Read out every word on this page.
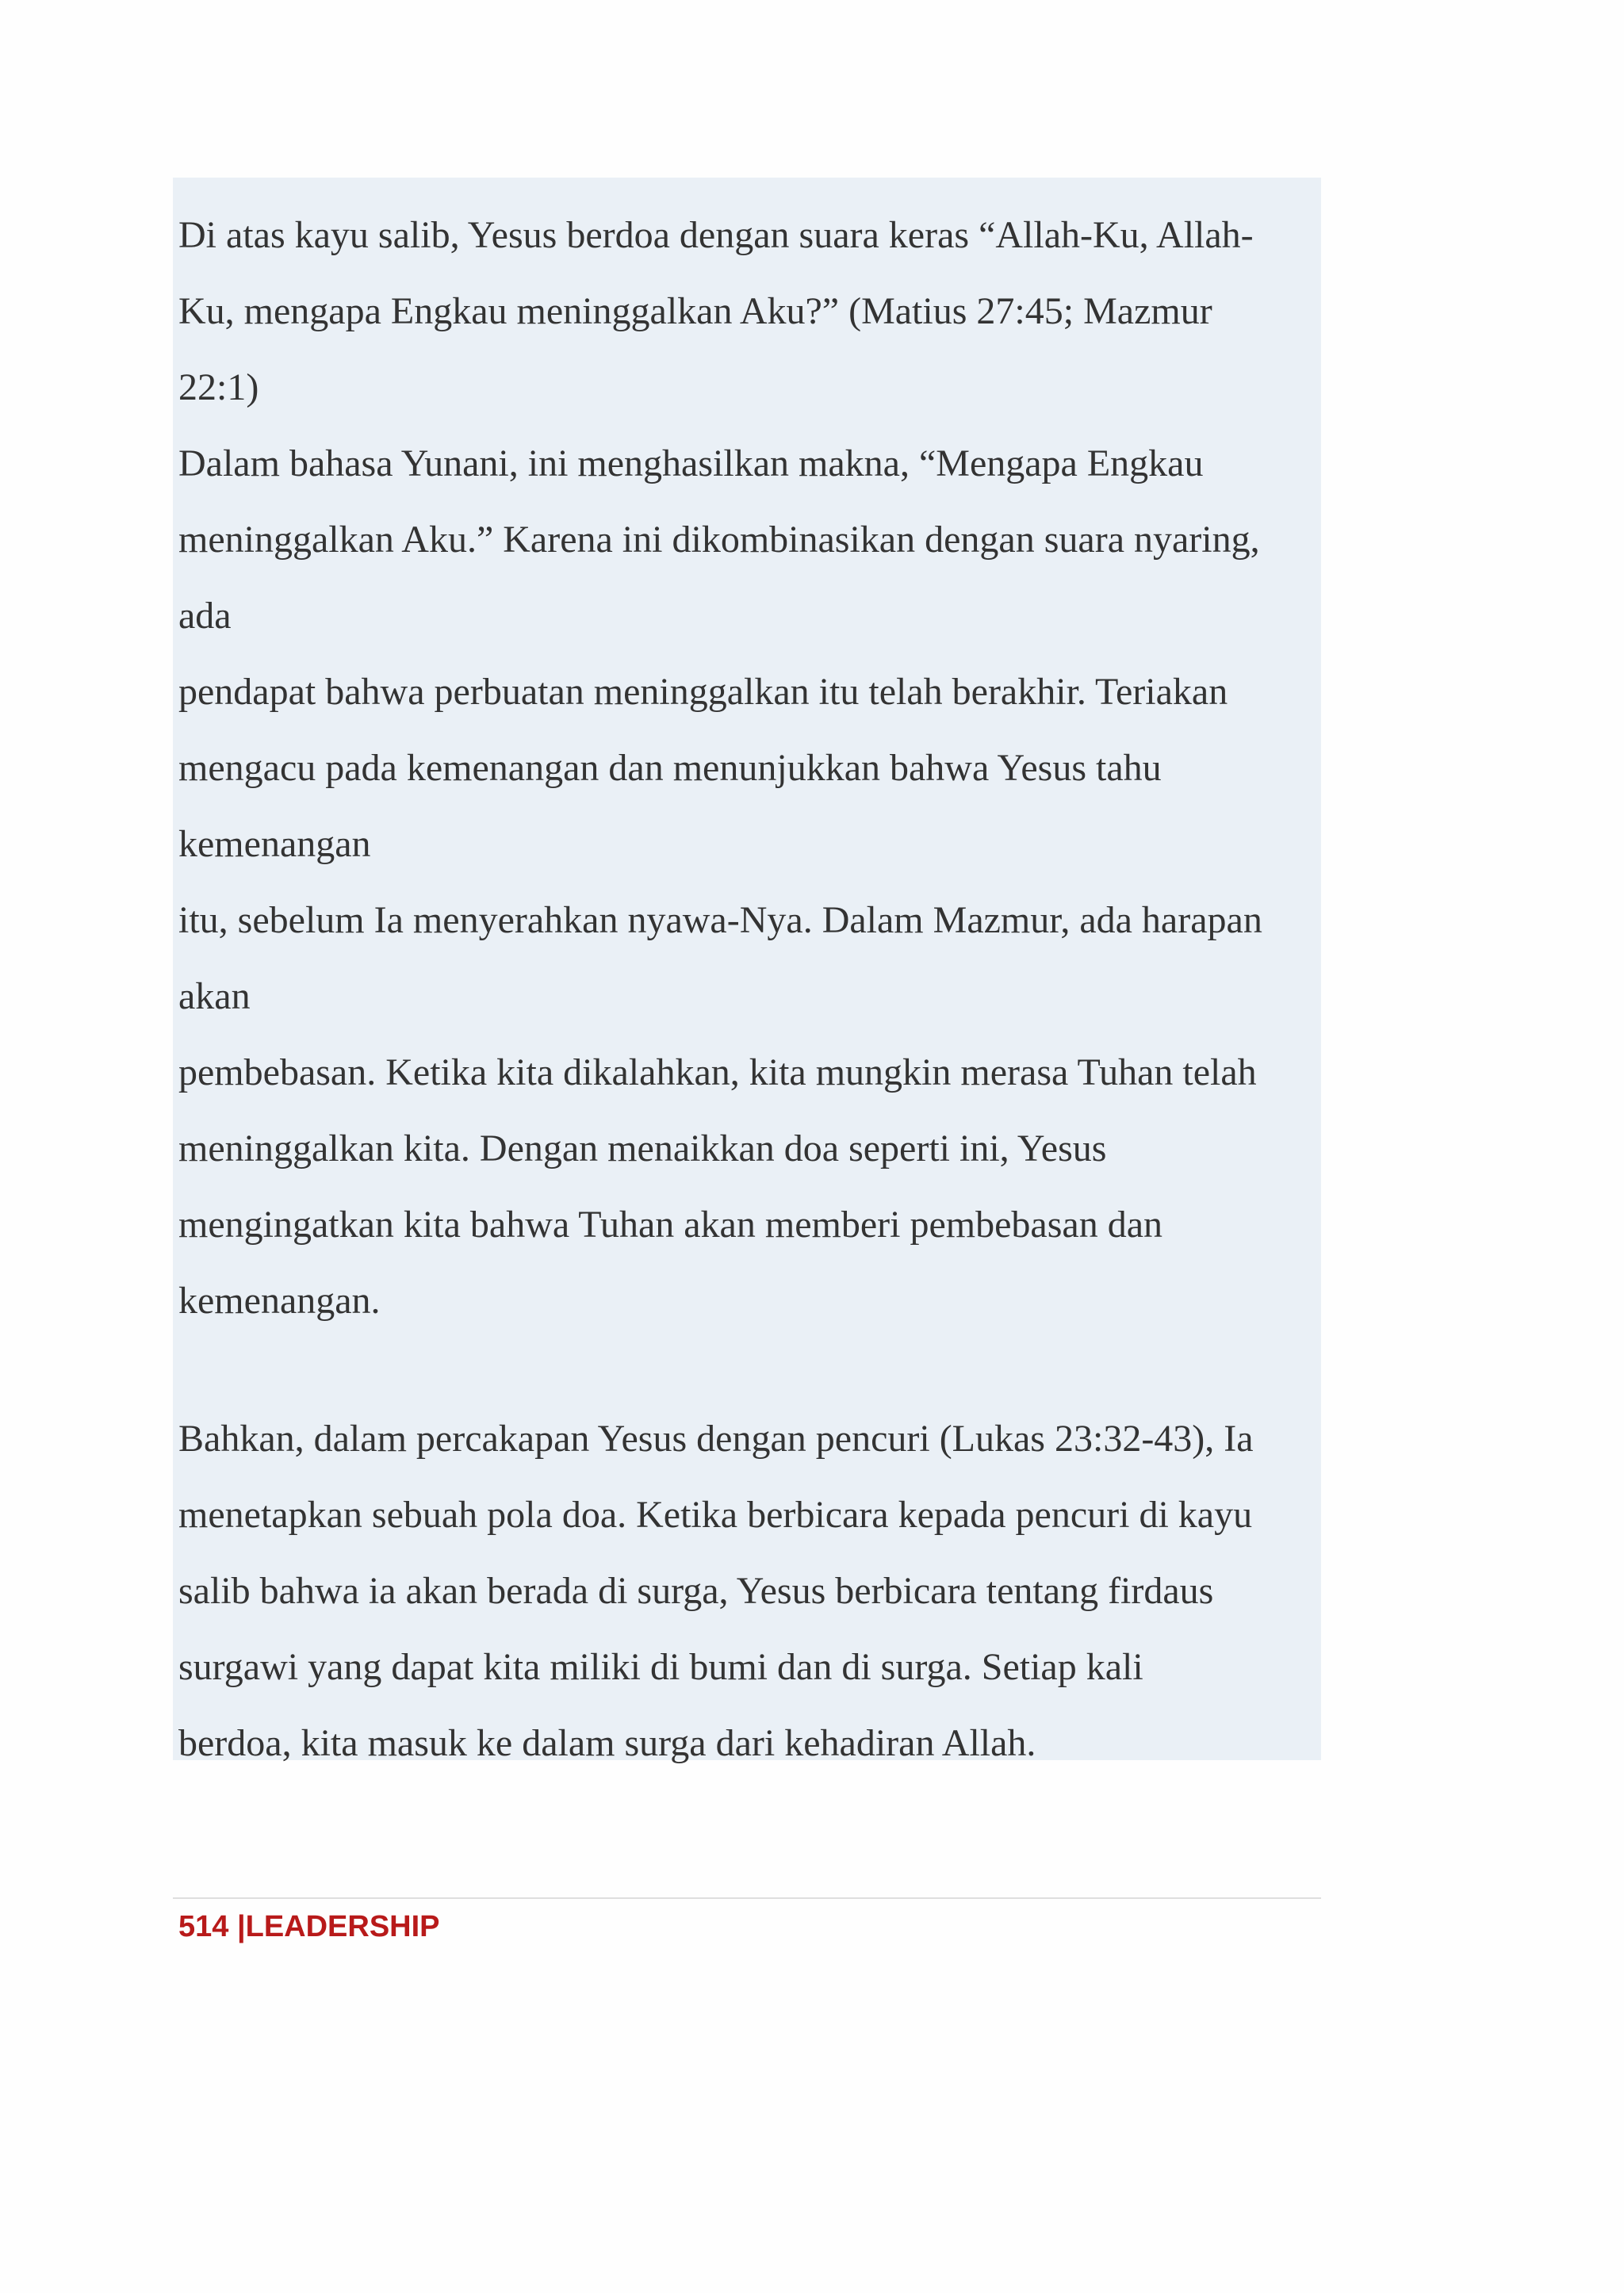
Di atas kayu salib, Yesus berdoa dengan suara keras “Allah-Ku, Allah-
Ku, mengapa Engkau meninggalkan Aku?” (Matius 27:45; Mazmur
22:1)
Dalam bahasa Yunani, ini menghasilkan makna, “Mengapa Engkau
meninggalkan Aku.” Karena ini dikombinasikan dengan suara nyaring,
ada
pendapat bahwa perbuatan meninggalkan itu telah berakhir. Teriakan
mengacu pada kemenangan dan menunjukkan bahwa Yesus tahu
kemenangan
itu, sebelum Ia menyerahkan nyawa-Nya. Dalam Mazmur, ada harapan
akan
pembebasan. Ketika kita dikalahkan, kita mungkin merasa Tuhan telah
meninggalkan kita. Dengan menaikkan doa seperti ini, Yesus
mengingatkan kita bahwa Tuhan akan memberi pembebasan dan
kemenangan.
Bahkan, dalam percakapan Yesus dengan pencuri (Lukas 23:32-43), Ia
menetapkan sebuah pola doa. Ketika berbicara kepada pencuri di kayu
salib bahwa ia akan berada di surga, Yesus berbicara tentang firdaus
surgawi yang dapat kita miliki di bumi dan di surga. Setiap kali
berdoa, kita masuk ke dalam surga dari kehadiran Allah.
514 |LEADERSHIP
